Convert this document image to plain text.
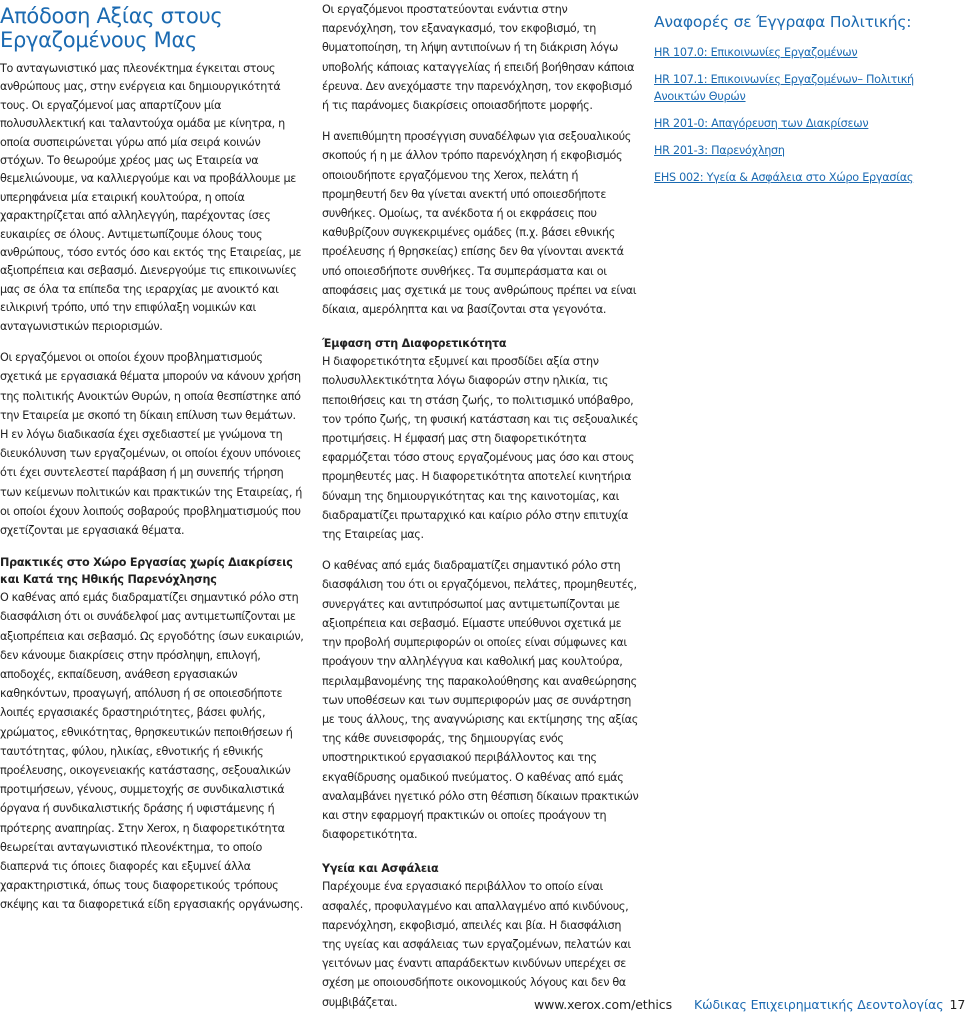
Απόδοση Αξίας στους Εργαζομένους Μας

Το ανταγωνιστικό μας πλεονέκτημα έγκειται στους ανθρώπους μας, στην ενέργεια και δημιουργικότητά τους. Οι εργαζόμενοί μας απαρτίζουν μία πολυσυλλεκτική και ταλαντούχα ομάδα με κίνητρα, η οποία συσπειρώνεται γύρω από μία σειρά κοινών στόχων. Το θεωρούμε χρέος μας ως Εταιρεία να θεμελιώνουμε, να καλλιεργούμε και να προβάλλουμε με υπερηφάνεια μία εταιρική κουλτούρα, η οποία χαρακτηρίζεται από αλληλεγγύη, παρέχοντας ίσες ευκαιρίες σε όλους. Αντιμετωπίζουμε όλους τους ανθρώπους, τόσο εντός όσο και εκτός της Εταιρείας, με αξιοπρέπεια και σεβασμό. Διενεργούμε τις επικοινωνίες μας σε όλα τα επίπεδα της ιεραρχίας με ανοικτό και ειλικρινή τρόπο, υπό την επιφύλαξη νομικών και ανταγωνιστικών περιορισμών.

Οι εργαζόμενοι οι οποίοι έχουν προβληματισμούς σχετικά με εργασιακά θέματα μπορούν να κάνουν χρήση της πολιτικής Ανοικτών Θυρών, η οποία θεσπίστηκε από την Εταιρεία με σκοπό τη δίκαιη επίλυση των θεμάτων. Η εν λόγω διαδικασία έχει σχεδιαστεί με γνώμονα τη διευκόλυνση των εργαζομένων, οι οποίοι έχουν υπόνοιες ότι έχει συντελεστεί παράβαση ή μη συνεπής τήρηση των κείμενων πολιτικών και πρακτικών της Εταιρείας, ή οι οποίοι έχουν λοιπούς σοβαρούς προβληματισμούς που σχετίζονται με εργασιακά θέματα.

Πρακτικές στο Χώρο Εργασίας χωρίς Διακρίσεις και Κατά της Ηθικής Παρενόχλησης

Ο καθένας από εμάς διαδραματίζει σημαντικό ρόλο στη διασφάλιση ότι οι συνάδελφοί μας αντιμετωπίζονται με αξιοπρέπεια και σεβασμό. Ως εργοδότης ίσων ευκαιριών, δεν κάνουμε διακρίσεις στην πρόσληψη, επιλογή, αποδοχές, εκπαίδευση, ανάθεση εργασιακών καθηκόντων, προαγωγή, απόλυση ή σε οποιεσδήποτε λοιπές εργασιακές δραστηριότητες, βάσει φυλής, χρώματος, εθνικότητας, θρησκευτικών πεποιθήσεων ή ταυτότητας, φύλου, ηλικίας, εθνοτικής ή εθνικής προέλευσης, οικογενειακής κατάστασης, σεξουαλικών προτιμήσεων, γένους, συμμετοχής σε συνδικαλιστικά όργανα ή συνδικαλιστικής δράσης ή υφιστάμενης ή πρότερης αναπηρίας. Στην Xerox, η διαφορετικότητα θεωρείται ανταγωνιστικό πλεονέκτημα, το οποίο διαπερνά τις όποιες διαφορές και εξυμνεί άλλα χαρακτηριστικά, όπως τους διαφορετικούς τρόπους σκέψης και τα διαφορετικά είδη εργασιακής οργάνωσης.

Οι εργαζόμενοι προστατεύονται ενάντια στην παρενόχληση, τον εξαναγκασμό, τον εκφοβισμό, τη θυματοποίηση, τη λήψη αντιποίνων ή τη διάκριση λόγω υποβολής κάποιας καταγγελίας ή επειδή βοήθησαν κάποια έρευνα. Δεν ανεχόμαστε την παρενόχληση, τον εκφοβισμό ή τις παράνομες διακρίσεις οποιασδήποτε μορφής.

Η ανεπιθύμητη προσέγγιση συναδέλφων για σεξουαλικούς σκοπούς ή η με άλλον τρόπο παρενόχληση ή εκφοβισμός οποιουδήποτε εργαζόμενου της Xerox, πελάτη ή προμηθευτή δεν θα γίνεται ανεκτή υπό οποιεσδήποτε συνθήκες. Ομοίως, τα ανέκδοτα ή οι εκφράσεις που καθυβρίζουν συγκεκριμένες ομάδες (π.χ. βάσει εθνικής προέλευσης ή θρησκείας) επίσης δεν θα γίνονται ανεκτά υπό οποιεσδήποτε συνθήκες. Τα συμπεράσματα και οι αποφάσεις μας σχετικά με τους ανθρώπους πρέπει να είναι δίκαια, αμερόληπτα και να βασίζονται στα γεγονότα.

Έμφαση στη Διαφορετικότητα

Η διαφορετικότητα εξυμνεί και προσδίδει αξία στην πολυσυλλεκτικότητα λόγω διαφορών στην ηλικία, τις πεποιθήσεις και τη στάση ζωής, το πολιτισμικό υπόβαθρο, τον τρόπο ζωής, τη φυσική κατάσταση και τις σεξουαλικές προτιμήσεις. Η έμφασή μας στη διαφορετικότητα εφαρμόζεται τόσο στους εργαζομένους μας όσο και στους προμηθευτές μας. Η διαφορετικότητα αποτελεί κινητήρια δύναμη της δημιουργικότητας και της καινοτομίας, και διαδραματίζει πρωταρχικό και καίριο ρόλο στην επιτυχία της Εταιρείας μας.

Ο καθένας από εμάς διαδραματίζει σημαντικό ρόλο στη διασφάλιση του ότι οι εργαζόμενοι, πελάτες, προμηθευτές, συνεργάτες και αντιπρόσωποί μας αντιμετωπίζονται με αξιοπρέπεια και σεβασμό. Είμαστε υπεύθυνοι σχετικά με την προβολή συμπεριφορών οι οποίες είναι σύμφωνες και προάγουν την αλληλέγγυα και καθολική μας κουλτούρα, περιλαμβανομένης της παρακολούθησης και αναθεώρησης των υποθέσεων και των συμπεριφορών μας σε συνάρτηση με τους άλλους, της αναγνώρισης και εκτίμησης της αξίας της κάθε συνεισφοράς, της δημιουργίας ενός υποστηρικτικού εργασιακού περιβάλλοντος και της εκγαθίδρυσης ομαδικού πνεύματος. Ο καθένας από εμάς αναλαμβάνει ηγετικό ρόλο στη θέσπιση δίκαιων πρακτικών και στην εφαρμογή πρακτικών οι οποίες προάγουν τη διαφορετικότητα.

Υγεία και Ασφάλεια

Παρέχουμε ένα εργασιακό περιβάλλον το οποίο είναι ασφαλές, προφυλαγμένο και απαλλαγμένο από κινδύνους, παρενόχληση, εκφοβισμό, απειλές και βία. Η διασφάλιση της υγείας και ασφάλειας των εργαζομένων, πελατών και γειτόνων μας έναντι απαράδεκτων κινδύνων υπερέχει σε σχέση με οποιουσδήποτε οικονομικούς λόγους και δεν θα συμβιβάζεται.

Αναφορές σε Έγγραφα Πολιτικής:
HR 107.0: Επικοινωνίες Εργαζομένων
HR 107.1: Επικοινωνίες Εργαζομένων– Πολιτική Ανοικτών Θυρών
HR 201-0: Απαγόρευση των Διακρίσεων
HR 201-3: Παρενόχληση
EHS 002: Υγεία & Ασφάλεια στο Χώρο Εργασίας
www.xerox.com/ethics Κώδικας Επιχειρηματικής Δεοντολογίας 17
